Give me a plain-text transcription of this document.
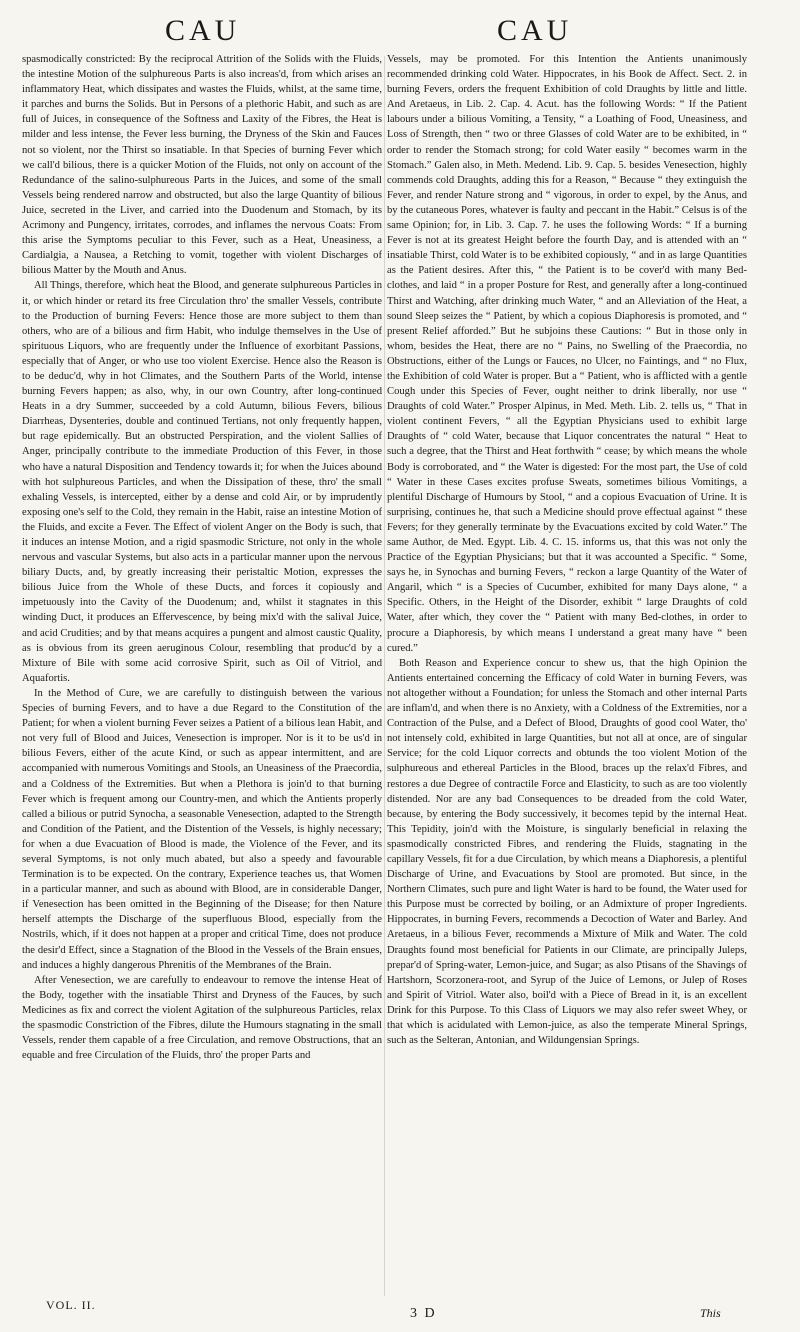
CAU	CAU

spasmodically constricted: By the reciprocal Attrition of the Solids with the Fluids, the intestine Motion of the sulphureous Parts is also increas'd, from which arises an inflammatory Heat, which dissipates and wastes the Fluids, whilst, at the same time, it parches and burns the Solids. But in Persons of a plethoric Habit, and such as are full of Juices, in consequence of the Softness and Laxity of the Fibres, the Heat is milder and less intense, the Fever less burning, the Dryness of the Skin and Fauces not so violent, nor the Thirst so insatiable. In that Species of burning Fever which we call'd bilious, there is a quicker Motion of the Fluids, not only on account of the Redundance of the salino-sulphureous Parts in the Juices, and some of the small Vessels being rendered narrow and obstructed, but also the large Quantity of bilious Juice, secreted in the Liver, and carried into the Duodenum and Stomach, by its Acrimony and Pungency, irritates, corrodes, and inflames the nervous Coats: From this arise the Symptoms peculiar to this Fever, such as a Heat, Uneasiness, a Cardialgia, a Nausea, a Retching to vomit, together with violent Discharges of bilious Matter by the Mouth and Anus.

All Things, therefore, which heat the Blood, and generate sulphureous Particles in it, or which hinder or retard its free Circulation thro' the smaller Vessels, contribute to the Production of burning Fevers: Hence those are more subject to them than others, who are of a bilious and firm Habit, who indulge themselves in the Use of spirituous Liquors, who are frequently under the Influence of exorbitant Passions, especially that of Anger, or who use too violent Exercise. Hence also the Reason is to be deduc'd, why in hot Climates, and the Southern Parts of the World, intense burning Fevers happen; as also, why, in our own Country, after long-continued Heats in a dry Summer, succeeded by a cold Autumn, bilious Fevers, bilious Diarrheas, Dysenteries, double and continued Tertians, not only frequently happen, but rage epidemically. But an obstructed Perspiration, and the violent Sallies of Anger, principally contribute to the immediate Production of this Fever, in those who have a natural Disposition and Tendency towards it; for when the Juices abound with hot sulphureous Particles, and when the Dissipation of these, thro' the small exhaling Vessels, is intercepted, either by a dense and cold Air, or by imprudently exposing one's self to the Cold, they remain in the Habit, raise an intestine Motion of the Fluids, and excite a Fever. The Effect of violent Anger on the Body is such, that it induces an intense Motion, and a rigid spasmodic Stricture, not only in the whole nervous and vascular Systems, but also acts in a particular manner upon the nervous biliary Ducts, and, by greatly increasing their peristaltic Motion, expresses the bilious Juice from the Whole of these Ducts, and forces it copiously and impetuously into the Cavity of the Duodenum; and, whilst it stagnates in this winding Duct, it produces an Effervescence, by being mix'd with the salival Juice, and acid Crudities; and by that means acquires a pungent and almost caustic Quality, as is obvious from its green aeruginous Colour, resembling that produc'd by a Mixture of Bile with some acid corrosive Spirit, such as Oil of Vitriol, and Aquafortis.

In the Method of Cure, we are carefully to distinguish between the various Species of burning Fevers, and to have a due Regard to the Constitution of the Patient; for when a violent burning Fever seizes a Patient of a bilious lean Habit, and not very full of Blood and Juices, Venesection is improper. Nor is it to be us'd in bilious Fevers, either of the acute Kind, or such as appear intermittent, and are accompanied with numerous Vomitings and Stools, an Uneasiness of the Praecordia, and a Coldness of the Extremities. But when a Plethora is join'd to that burning Fever which is frequent among our Country-men, and which the Antients properly called a bilious or putrid Synocha, a seasonable Venesection, adapted to the Strength and Condition of the Patient, and the Distention of the Vessels, is highly necessary; for when a due Evacuation of Blood is made, the Violence of the Fever, and its several Symptoms, is not only much abated, but also a speedy and favourable Termination is to be expected. On the contrary, Experience teaches us, that Women in a particular manner, and such as abound with Blood, are in considerable Danger, if Venesection has been omitted in the Beginning of the Disease; for then Nature herself attempts the Discharge of the superfluous Blood, especially from the Nostrils, which, if it does not happen at a proper and critical Time, does not produce the desir'd Effect, since a Stagnation of the Blood in the Vessels of the Brain ensues, and induces a highly dangerous Phrenitis of the Membranes of the Brain.

After Venesection, we are carefully to endeavour to remove the intense Heat of the Body, together with the insatiable Thirst and Dryness of the Fauces, by such Medicines as fix and correct the violent Agitation of the sulphureous Particles, relax the spasmodic Constriction of the Fibres, dilute the Humours stagnating in the small Vessels, render them capable of a free Circulation, and remove Obstructions, that an equable and free Circulation of the Fluids, thro' the proper Parts and

Vessels, may be promoted. For this Intention the Antients unanimously recommended drinking cold Water. Hippocrates, in his Book de Affect. Sect. 2. in burning Fevers, orders the frequent Exhibition of cold Draughts by little and little. And Aretaeus, in Lib. 2. Cap. 4. Acut. has the following Words: “ If the Patient labours under a bilious Vomiting, a Tensity, “ a Loathing of Food, Uneasiness, and Loss of Strength, then “ two or three Glasses of cold Water are to be exhibited, in “ order to render the Stomach strong; for cold Water easily “ becomes warm in the Stomach.” Galen also, in Meth. Medend. Lib. 9. Cap. 5. besides Venesection, highly commends cold Draughts, adding this for a Reason, “ Because “ they extinguish the Fever, and render Nature strong and “ vigorous, in order to expel, by the Anus, and by the cutaneous Pores, whatever is faulty and peccant in the Habit.” Celsus is of the same Opinion; for, in Lib. 3. Cap. 7. he uses the following Words: “ If a burning Fever is not at its greatest Height before the fourth Day, and is attended with an “ insatiable Thirst, cold Water is to be exhibited copiously, “ and in as large Quantities as the Patient desires. After this, “ the Patient is to be cover'd with many Bed-clothes, and laid “ in a proper Posture for Rest, and generally after a long-continued Thirst and Watching, after drinking much Water, “ and an Alleviation of the Heat, a sound Sleep seizes the “ Patient, by which a copious Diaphoresis is promoted, and “ present Relief afforded.” But he subjoins these Cautions: “ But in those only in whom, besides the Heat, there are no “ Pains, no Swelling of the Praecordia, no Obstructions, either of the Lungs or Fauces, no Ulcer, no Faintings, and “ no Flux, the Exhibition of cold Water is proper. But a “ Patient, who is afflicted with a gentle Cough under this Species of Fever, ought neither to drink liberally, nor use “ Draughts of cold Water.” Prosper Alpinus, in Med. Meth. Lib. 2. tells us, “ That in violent continent Fevers, “ all the Egyptian Physicians used to exhibit large Draughts of “ cold Water, because that Liquor concentrates the natural “ Heat to such a degree, that the Thirst and Heat forthwith “ cease; by which means the whole Body is corroborated, and “ the Water is digested: For the most part, the Use of cold “ Water in these Cases excites profuse Sweats, sometimes bilious Vomitings, a plentiful Discharge of Humours by Stool, “ and a copious Evacuation of Urine. It is surprising, continues he, that such a Medicine should prove effectual against “ these Fevers; for they generally terminate by the Evacuations excited by cold Water.” The same Author, de Med. Egypt. Lib. 4. C. 15. informs us, that this was not only the Practice of the Egyptian Physicians; but that it was accounted a Specific. “ Some, says he, in Synochas and burning Fevers, “ reckon a large Quantity of the Water of Angaril, which “ is a Species of Cucumber, exhibited for many Days alone, “ a Specific. Others, in the Height of the Disorder, exhibit “ large Draughts of cold Water, after which, they cover the “ Patient with many Bed-clothes, in order to procure a Diaphoresis, by which means I understand a great many have “ been cured.”

Both Reason and Experience concur to shew us, that the high Opinion the Antients entertained concerning the Efficacy of cold Water in burning Fevers, was not altogether without a Foundation; for unless the Stomach and other internal Parts are inflam'd, and when there is no Anxiety, with a Coldness of the Extremities, nor a Contraction of the Pulse, and a Defect of Blood, Draughts of good cool Water, tho' not intensely cold, exhibited in large Quantities, but not all at once, are of singular Service; for the cold Liquor corrects and obtunds the too violent Motion of the sulphureous and ethereal Particles in the Blood, braces up the relax'd Fibres, and restores a due Degree of contractile Force and Elasticity, to such as are too violently distended. Nor are any bad Consequences to be dreaded from the cold Water, because, by entering the Body successively, it becomes tepid by the internal Heat. This Tepidity, join'd with the Moisture, is singularly beneficial in relaxing the spasmodically constricted Fibres, and rendering the Fluids, stagnating in the capillary Vessels, fit for a due Circulation, by which means a Diaphoresis, a plentiful Discharge of Urine, and Evacuations by Stool are promoted. But since, in the Northern Climates, such pure and light Water is hard to be found, the Water used for this Purpose must be corrected by boiling, or an Admixture of proper Ingredients. Hippocrates, in burning Fevers, recommends a Decoction of Water and Barley. And Aretaeus, in a bilious Fever, recommends a Mixture of Milk and Water. The cold Draughts found most beneficial for Patients in our Climate, are principally Juleps, prepar'd of Spring-water, Lemon-juice, and Sugar; as also Ptisans of the Shavings of Hartshorn, Scorzonera-root, and Syrup of the Juice of Lemons, or Julep of Roses and Spirit of Vitriol. Water also, boil'd with a Piece of Bread in it, is an excellent Drink for this Purpose. To this Class of Liquors we may also refer sweet Whey, or that which is acidulated with Lemon-juice, as also the temperate Mineral Springs, such as the Selteran, Antonian, and Wildungensian Springs.

VOL. II.
3 D	This
